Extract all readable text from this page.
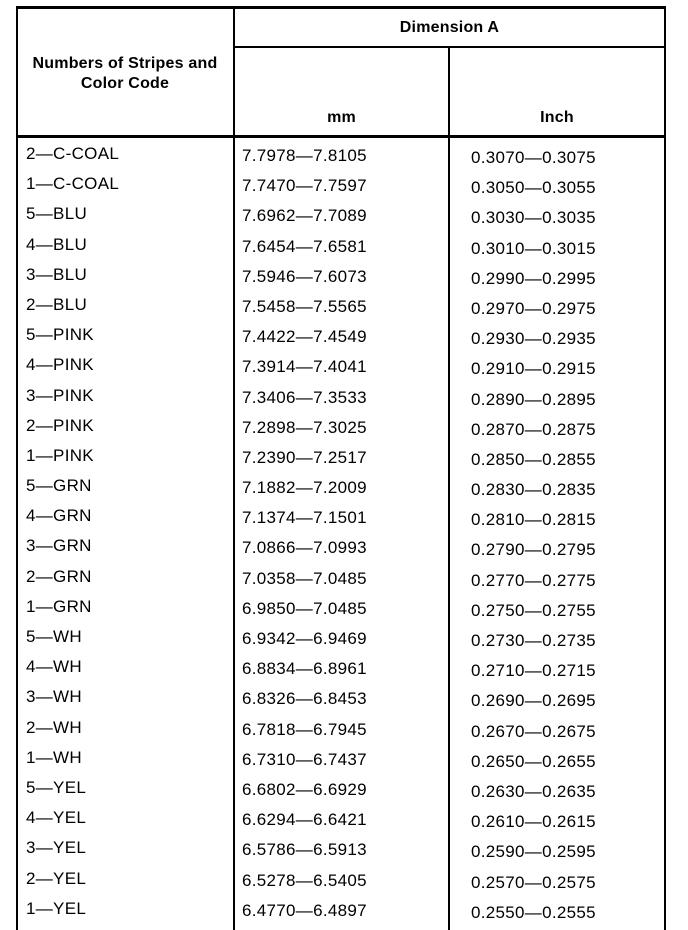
Numbers of Stripes and Color Code
Dimension A
mm	Inch
2—C-COAL	7.7978—7.8105	0.3070—0.3075
1—C-COAL	7.7470—7.7597	0.3050—0.3055
5—BLU	7.6962—7.7089	0.3030—0.3035
4—BLU	7.6454—7.6581	0.3010—0.3015
3—BLU	7.5946—7.6073	0.2990—0.2995
2—BLU	7.5458—7.5565	0.2970—0.2975
5—PINK	7.4422—7.4549	0.2930—0.2935
4—PINK	7.3914—7.4041	0.2910—0.2915
3—PINK	7.3406—7.3533	0.2890—0.2895
2—PINK	7.2898—7.3025	0.2870—0.2875
1—PINK	7.2390—7.2517	0.2850—0.2855
5—GRN	7.1882—7.2009	0.2830—0.2835
4—GRN	7.1374—7.1501	0.2810—0.2815
3—GRN	7.0866—7.0993	0.2790—0.2795
2—GRN	7.0358—7.0485	0.2770—0.2775
1—GRN	6.9850—7.0485	0.2750—0.2755
5—WH	6.9342—6.9469	0.2730—0.2735
4—WH	6.8834—6.8961	0.2710—0.2715
3—WH	6.8326—6.8453	0.2690—0.2695
2—WH	6.7818—6.7945	0.2670—0.2675
1—WH	6.7310—6.7437	0.2650—0.2655
5—YEL	6.6802—6.6929	0.2630—0.2635
4—YEL	6.6294—6.6421	0.2610—0.2615
3—YEL	6.5786—6.5913	0.2590—0.2595
2—YEL	6.5278—6.5405	0.2570—0.2575
1—YEL	6.4770—6.4897	0.2550—0.2555
